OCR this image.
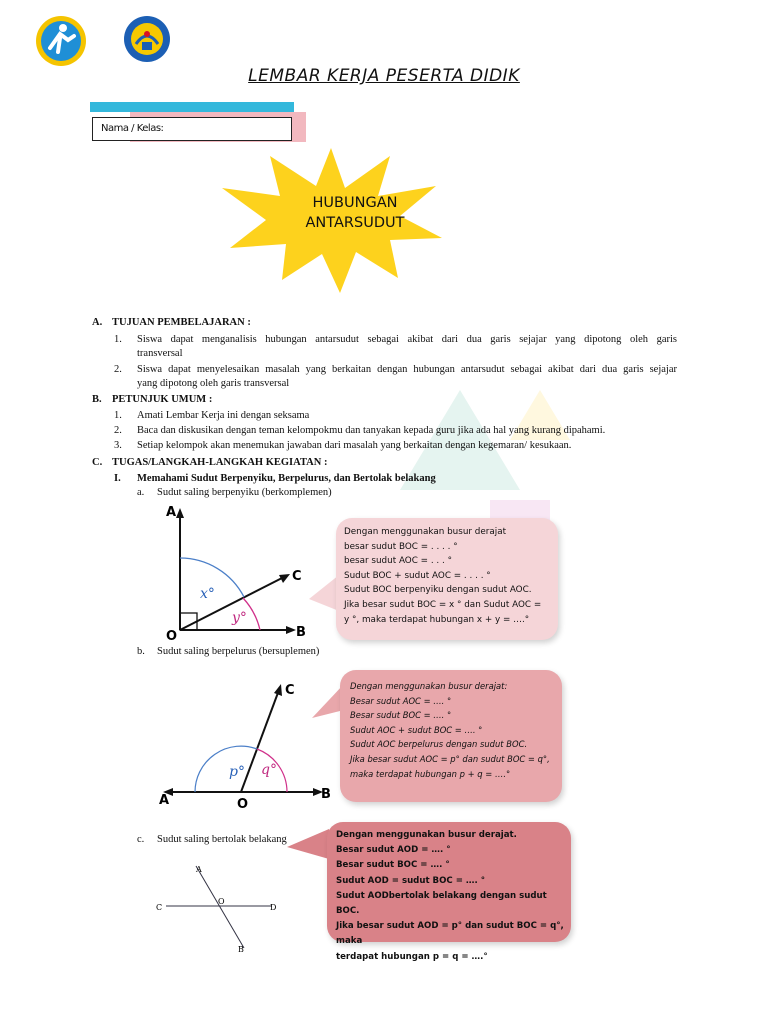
LEMBAR KERJA PESERTA DIDIK
Nama / Kelas:
HUBUNGAN
ANTARSUDUT
A. TUJUAN PEMBELAJARAN :
1. Siswa dapat menganalisis hubungan antarsudut sebagai akibat dari dua garis sejajar yang dipotong oleh garis
transversal
2. Siswa dapat menyelesaikan masalah yang berkaitan dengan hubungan antarsudut sebagai akibat dari dua garis sejajar
yang dipotong oleh garis transversal
B. PETUNJUK UMUM :
1. Amati Lembar Kerja ini dengan seksama
2. Baca dan diskusikan dengan teman kelompokmu dan tanyakan kepada guru jika ada hal yang kurang dipahami.
3. Setiap kelompok akan menemukan jawaban dari masalah yang berkaitan dengan kegemaran/ kesukaan.
C. TUGAS/LANGKAH-LANGKAH KEGIATAN :
I. Memahami Sudut Berpenyiku, Berpelurus, dan Bertolak belakang
a. Sudut saling berpenyiku (berkomplemen)
A
O
C
B
x°
y°
Dengan menggunakan busur derajat
besar sudut BOC = . . . . °
besar sudut AOC = . . . °
Sudut BOC + sudut AOC = . . . . °
Sudut BOC berpenyiku dengan sudut AOC.
Jika besar sudut BOC = x ° dan Sudut AOC =
y °, maka terdapat hubungan x + y = ….°
b. Sudut saling berpelurus (bersuplemen)
C
A	O
B
p° q°
Dengan menggunakan busur derajat:
Besar sudut AOC = …. °
Besar sudut BOC = …. °
Sudut AOC + sudut BOC = …. °
Sudut AOC berpelurus dengan sudut BOC.
Jika besar sudut AOC = p° dan sudut BOC = q°,
maka terdapat hubungan p + q = ….°
c. Sudut saling bertolak belakang
A
C
O
D
B
Dengan menggunakan busur derajat.
Besar sudut AOD = …. °
Besar sudut BOC = …. °
Sudut AOD = sudut BOC = …. °
Sudut AODbertolak belakang dengan sudut BOC.
Jika besar sudut AOD = p° dan sudut BOC = q°, maka
terdapat hubungan p = q = ….°
